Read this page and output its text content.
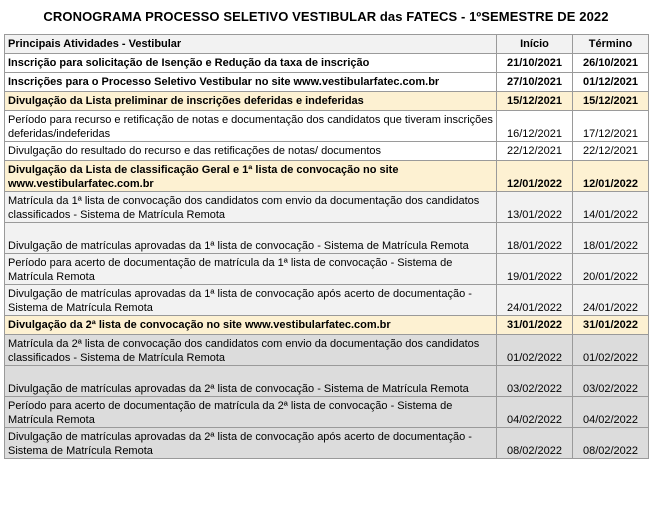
CRONOGRAMA PROCESSO SELETIVO VESTIBULAR das FATECS - 1ºSEMESTRE DE 2022
Principais Atividades - Vestibular	Início	Término
Inscrição para solicitação de Isenção e Redução da taxa de inscrição	21/10/2021	26/10/2021
Inscrições para o Processo Seletivo Vestibular no site www.vestibularfatec.com.br	27/10/2021	01/12/2021
Divulgação da Lista preliminar de inscrições deferidas e indeferidas	15/12/2021	15/12/2021
Período para recurso e retificação de notas e documentação dos candidatos que tiveram inscrições deferidas/indeferidas	16/12/2021	17/12/2021
Divulgação do resultado do recurso e das retificações de notas/ documentos	22/12/2021	22/12/2021
Divulgação da Lista de classificação Geral e 1ª lista de convocação no site www.vestibularfatec.com.br	12/01/2022	12/01/2022
Matrícula da 1ª lista de convocação dos candidatos com envio da documentação dos candidatos classificados - Sistema de Matrícula Remota	13/01/2022	14/01/2022
Divulgação de matrículas aprovadas da 1ª lista de convocação - Sistema de Matrícula Remota	18/01/2022	18/01/2022
Período para acerto de documentação de matrícula da 1ª lista de convocação - Sistema de Matrícula Remota	19/01/2022	20/01/2022
Divulgação de matrículas aprovadas da 1ª lista de convocação após acerto de documentação - Sistema de Matrícula Remota	24/01/2022	24/01/2022
Divulgação da 2ª lista de convocação no site www.vestibularfatec.com.br	31/01/2022	31/01/2022
Matrícula da 2ª lista de convocação dos candidatos com envio da documentação dos candidatos classificados - Sistema de Matrícula Remota	01/02/2022	01/02/2022
Divulgação de matrículas aprovadas da 2ª lista de convocação - Sistema de Matrícula Remota	03/02/2022	03/02/2022
Período para acerto de documentação de matrícula da 2ª lista de convocação - Sistema de Matrícula Remota	04/02/2022	04/02/2022
Divulgação de matrículas aprovadas da 2ª lista de convocação após acerto de documentação - Sistema de Matrícula Remota	08/02/2022	08/02/2022
